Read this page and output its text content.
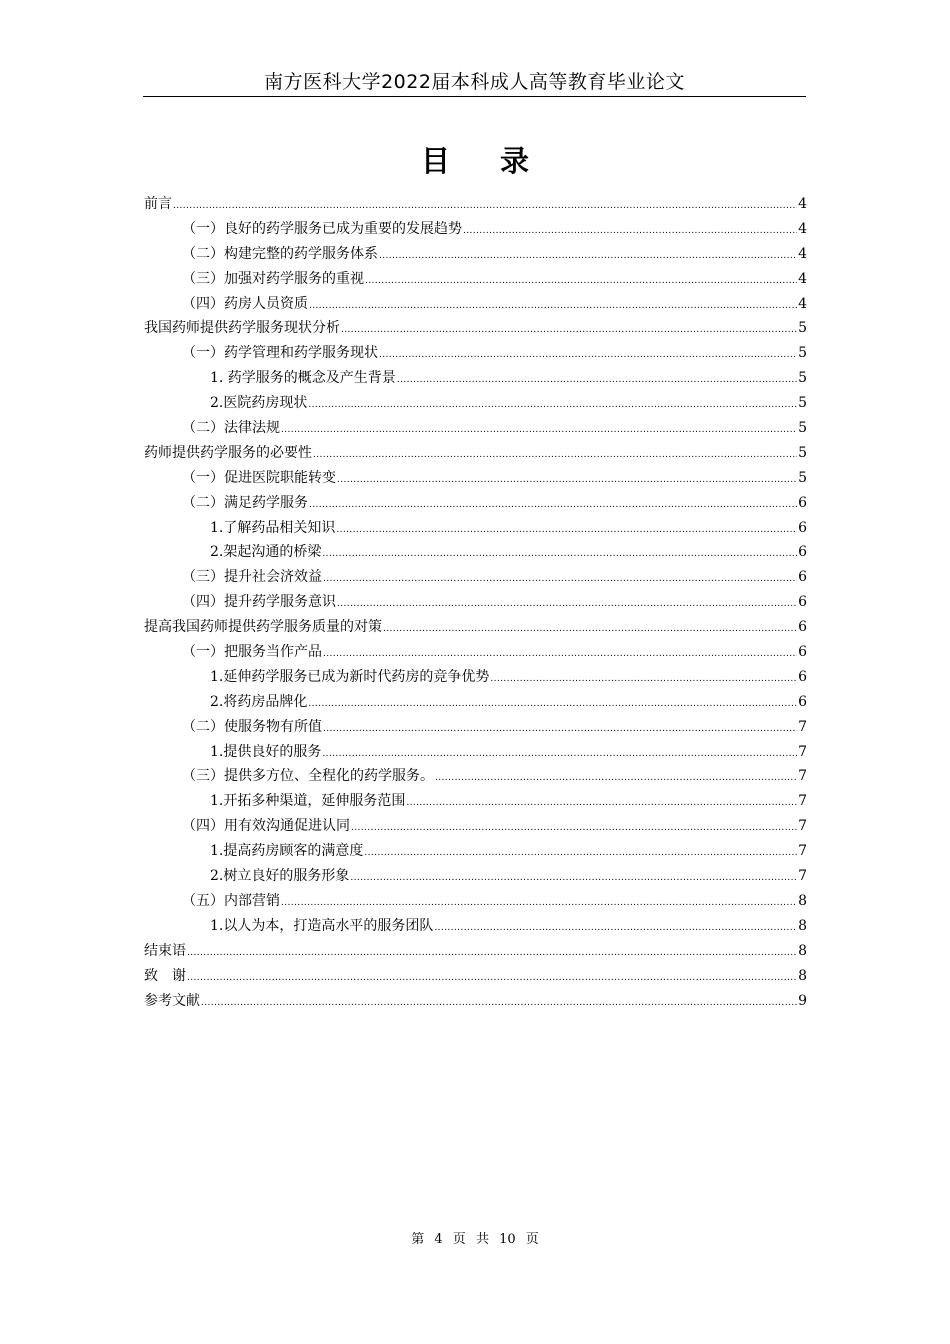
南方医科大学2022届本科成人高等教育毕业论文
目录
前言 .....	4
（一）良好的药学服务已成为重要的发展趋势 .....	4
（二）构建完整的药学服务体系 .....	4
（三）加强对药学服务的重视 .....	4
（四）药房人员资质 .....	4
我国药师提供药学服务现状分析 .....	5
（一）药学管理和药学服务现状 .....	5
1. 药学服务的概念及产生背景 .....	5
2.医院药房现状 .....	5
（二）法律法规 .....	5
药师提供药学服务的必要性 .....	5
（一）促进医院职能转变 .....	5
（二）满足药学服务 .....	6
1.了解药品相关知识 .....	6
2.架起沟通的桥梁 .....	6
（三）提升社会济效益 .....	6
（四）提升药学服务意识 .....	6
提高我国药师提供药学服务质量的对策 .....	6
（一）把服务当作产品 .....	6
1.延伸药学服务已成为新时代药房的竞争优势 .....	6
2.将药房品牌化 .....	6
（二）使服务物有所值 .....	7
1.提供良好的服务 .....	7
（三）提供多方位、全程化的药学服务。 .....	7
1.开拓多种渠道，延伸服务范围 .....	7
（四）用有效沟通促进认同 .....	7
1.提高药房顾客的满意度 .....	7
2.树立良好的服务形象 .....	7
（五）内部营销 .....	8
1.以人为本，打造高水平的服务团队 .....	8
结束语 .....	8
致　谢 .....	8
参考文献 .....	9
第 4 页 共 10 页
